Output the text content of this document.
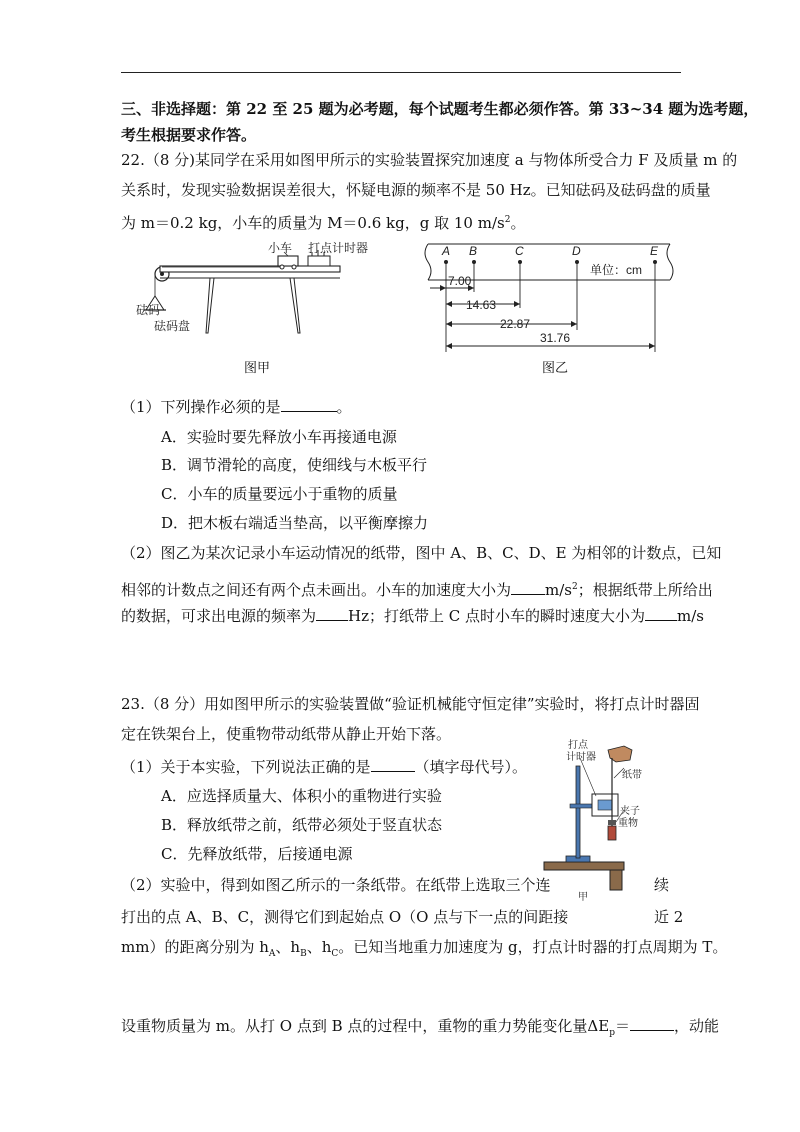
三、非选择题：第 22 至 25 题为必考题，每个试题考生都必须作答。第 33~34 题为选考题，
考生根据要求作答。
22.（8 分)某同学在采用如图甲所示的实验装置探究加速度 a 与物体所受合力 F 及质量 m 的
关系时，发现实验数据误差很大，怀疑电源的频率不是 50 Hz。已知砝码及砝码盘的质量
为 m＝0.2 kg，小车的质量为 M＝0.6 kg，g 取 10 $m/s^2$。
小车 打点计时器
砝码
砝码盘
图甲
A B	C	D	E
单位：cm
7.00
14.63
22.87
31.76
图乙
（1）下列操作必须的是	。
A．实验时要先释放小车再接通电源
B．调节滑轮的高度，使细线与木板平行
C．小车的质量要远小于重物的质量
D．把木板右端适当垫高，以平衡摩擦力
（2）图乙为某次记录小车运动情况的纸带，图中 A、B、C、D、E 为相邻的计数点，已知
相邻的计数点之间还有两个点未画出。小车的加速度大小为 $m/s^2$；根据纸带上所给出
的数据，可求出电源的频率为 Hz；打纸带上 C 点时小车的瞬时速度大小为 m/s
23.（8 分）用如图甲所示的实验装置做“验证机械能守恒定律”实验时，将打点计时器固
定在铁架台上，使重物带动纸带从静止开始下落。
（1）关于本实验，下列说法正确的是	（填字母代号）。
A．应选择质量大、体积小的重物进行实验
B．释放纸带之前，纸带必须处于竖直状态
C．先释放纸带，后接通电源
打点
计时器
纸带
夹子
重物
甲
（2）实验中，得到如图乙所示的一条纸带。在纸带上选取三个连	续
打出的点 A、B、C，测得它们到起始点 O（O 点与下一点的间距接	近 2
mm）的距离分别为 $h_A$、$h_B$、$h_C$。已知当地重力加速度为 g，打点计时器的打点周期为 T。
设重物质量为 m。从打 O 点到 B 点的过程中，重物的重力势能变化量$\Delta E_p=$	，动能
